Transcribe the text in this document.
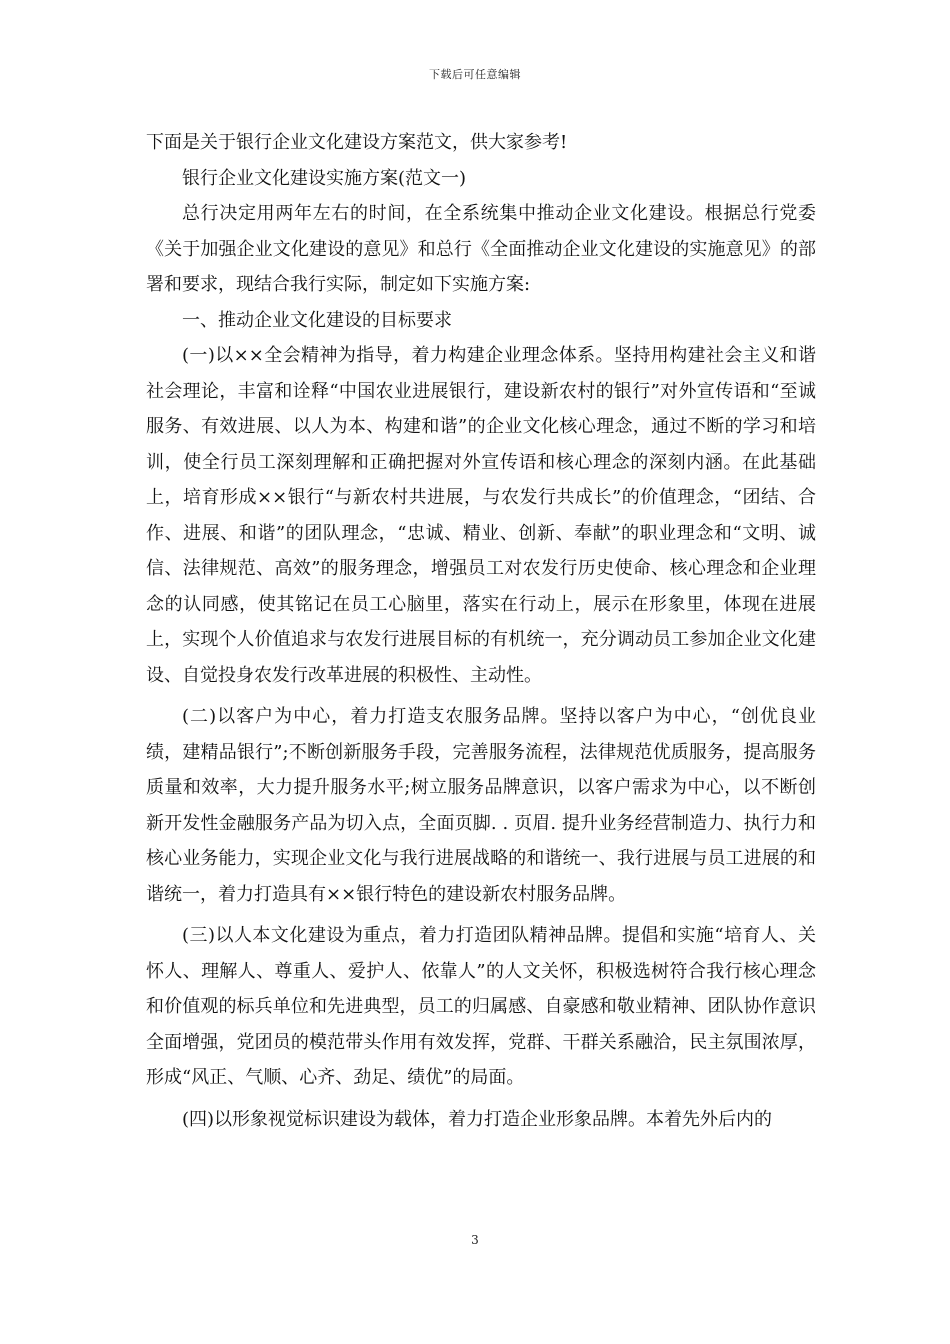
下载后可任意编辑

下面是关于银行企业文化建设方案范文，供大家参考!

银行企业文化建设实施方案(范文一)

总行决定用两年左右的时间，在全系统集中推动企业文化建设。根据总行党委《关于加强企业文化建设的意见》和总行《全面推动企业文化建设的实施意见》的部署和要求，现结合我行实际，制定如下实施方案:

一、推动企业文化建设的目标要求

(一)以××全会精神为指导，着力构建企业理念体系。坚持用构建社会主义和谐社会理论，丰富和诠释“中国农业进展银行，建设新农村的银行”对外宣传语和“至诚服务、有效进展、以人为本、构建和谐”的企业文化核心理念，通过不断的学习和培训，使全行员工深刻理解和正确把握对外宣传语和核心理念的深刻内涵。在此基础上，培育形成××银行“与新农村共进展，与农发行共成长”的价值理念，“团结、合作、进展、和谐”的团队理念，“忠诚、精业、创新、奉献”的职业理念和“文明、诚信、法律规范、高效”的服务理念，增强员工对农发行历史使命、核心理念和企业理念的认同感，使其铭记在员工心脑里，落实在行动上，展示在形象里，体现在进展上，实现个人价值追求与农发行进展目标的有机统一，充分调动员工参加企业文化建设、自觉投身农发行改革进展的积极性、主动性。

(二)以客户为中心，着力打造支农服务品牌。坚持以客户为中心，“创优良业绩，建精品银行”;不断创新服务手段，完善服务流程，法律规范优质服务，提高服务质量和效率，大力提升服务水平;树立服务品牌意识，以客户需求为中心，以不断创新开发性金融服务产品为切入点，全面页脚. . 页眉. 提升业务经营制造力、执行力和核心业务能力，实现企业文化与我行进展战略的和谐统一、我行进展与员工进展的和谐统一，着力打造具有××银行特色的建设新农村服务品牌。

(三)以人本文化建设为重点，着力打造团队精神品牌。提倡和实施“培育人、关怀人、理解人、尊重人、爱护人、依靠人”的人文关怀，积极选树符合我行核心理念和价值观的标兵单位和先进典型，员工的归属感、自豪感和敬业精神、团队协作意识全面增强，党团员的模范带头作用有效发挥，党群、干群关系融洽，民主氛围浓厚，形成“风正、气顺、心齐、劲足、绩优”的局面。

(四)以形象视觉标识建设为载体，着力打造企业形象品牌。本着先外后内的

3
